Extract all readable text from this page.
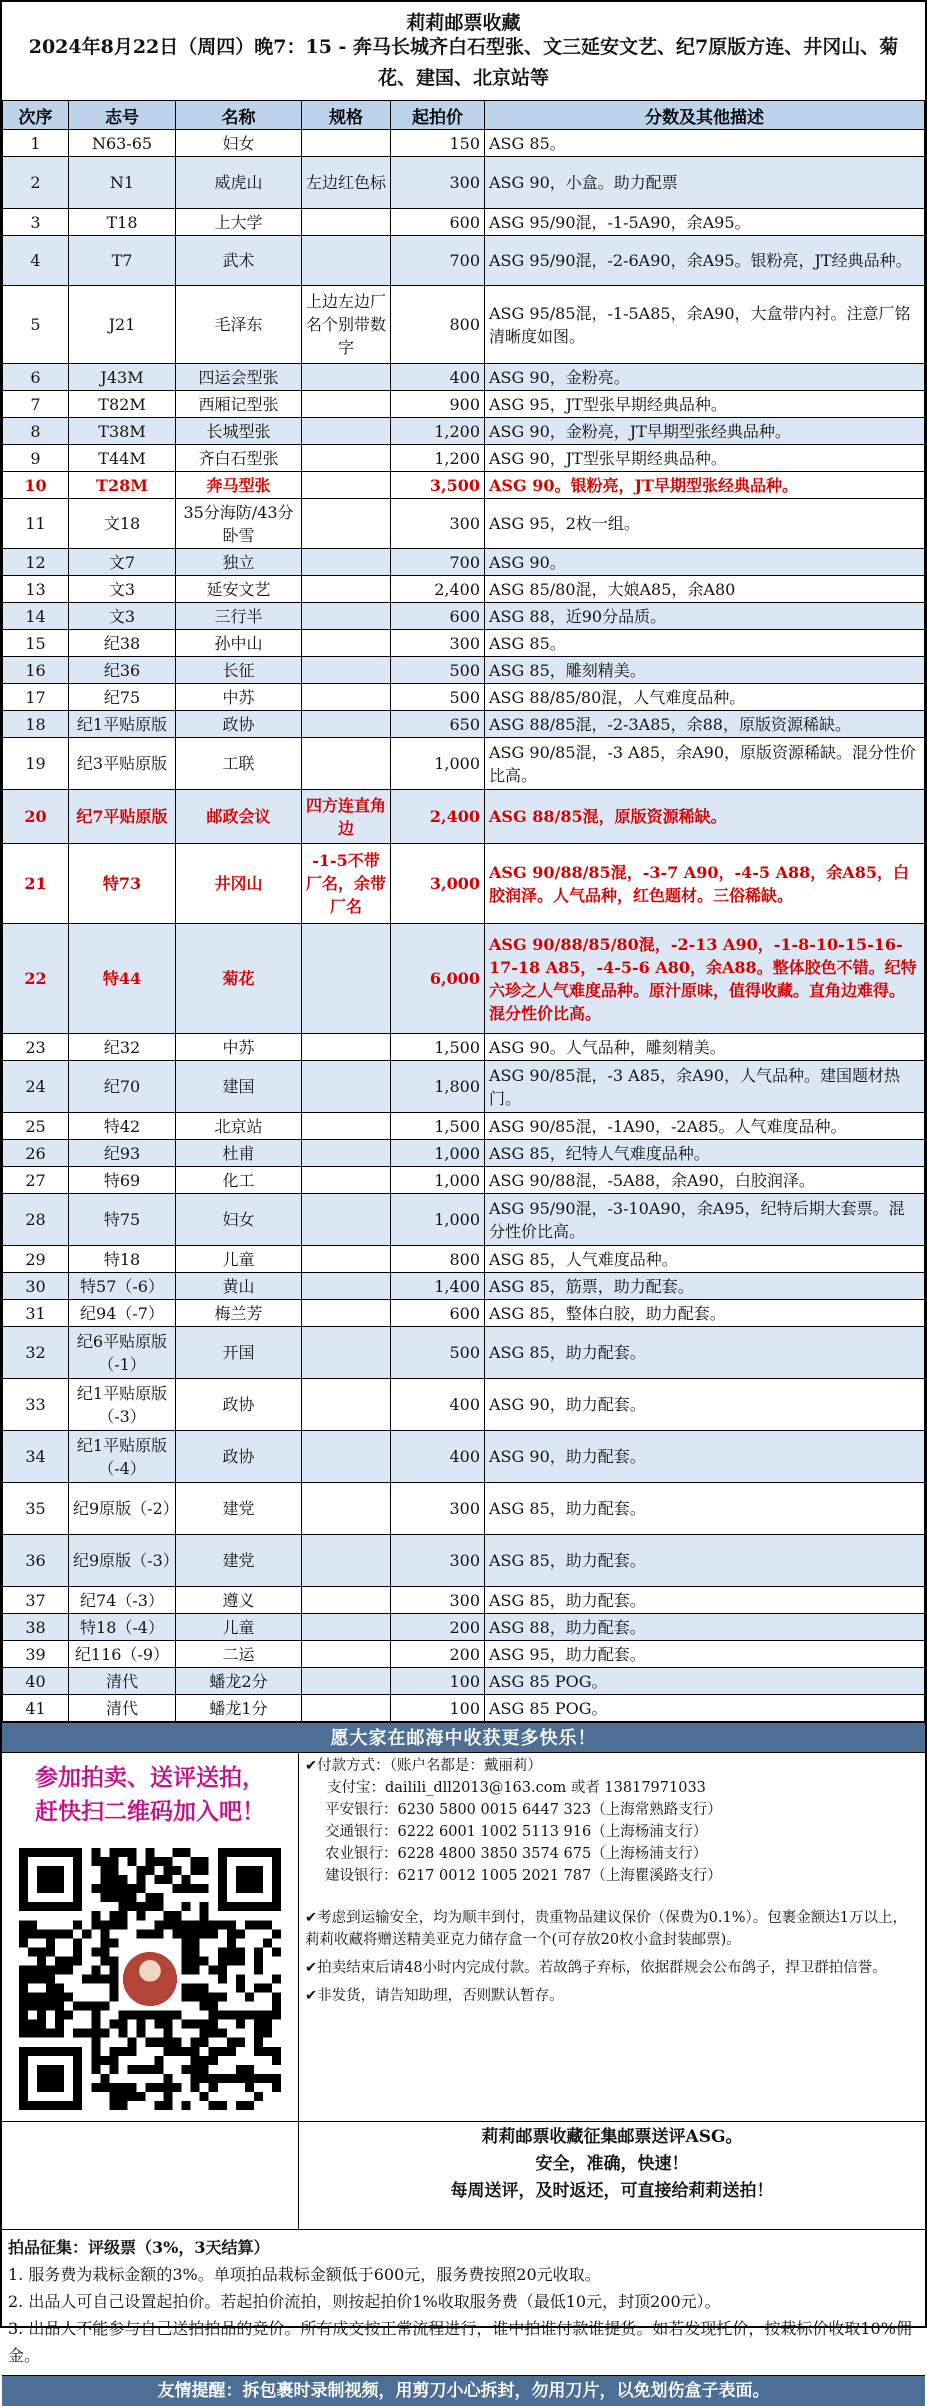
莉莉邮票收藏
2024年8月22日（周四）晚7：15 - 奔马长城齐白石型张、文三延安文艺、纪7原版方连、井冈山、菊花、建国、北京站等
次序	志号	名称	规格	起拍价	分数及其他描述
1	N63-65	妇女		150	ASG 85。
2	N1	威虎山	左边红色标	300	ASG 90，小盒。助力配票
3	T18	上大学		600	ASG 95/90混，-1-5A90，余A95。
4	T7	武术		700	ASG 95/90混，-2-6A90，余A95。银粉亮，JT经典品种。
5	J21	毛泽东	上边左边厂名个别带数字	800	ASG 95/85混，-1-5A85，余A90，大盒带内衬。注意厂铭清晰度如图。
6	J43M	四运会型张		400	ASG 90，金粉亮。
7	T82M	西厢记型张		900	ASG 95，JT型张早期经典品种。
8	T38M	长城型张		1,200	ASG 90，金粉亮，JT早期型张经典品种。
9	T44M	齐白石型张		1,200	ASG 90，JT型张早期经典品种。
10	T28M	奔马型张		3,500	ASG 90。银粉亮，JT早期型张经典品种。
11	文18	35分海防/43分卧雪		300	ASG 95，2枚一组。
12	文7	独立		700	ASG 90。
13	文3	延安文艺		2,400	ASG 85/80混，大娘A85，余A80
14	文3	三行半		600	ASG 88，近90分品质。
15	纪38	孙中山		300	ASG 85。
16	纪36	长征		500	ASG 85，雕刻精美。
17	纪75	中苏		500	ASG 88/85/80混，人气难度品种。
18	纪1平贴原版	政协		650	ASG 88/85混，-2-3A85，余88，原版资源稀缺。
19	纪3平贴原版	工联		1,000	ASG 90/85混，-3 A85，余A90，原版资源稀缺。混分性价比高。
20	纪7平贴原版	邮政会议	四方连直角边	2,400	ASG 88/85混，原版资源稀缺。
21	特73	井冈山	-1-5不带厂名，余带厂名	3,000	ASG 90/88/85混，-3-7 A90，-4-5 A88，余A85，白胶润泽。人气品种，红色题材。三俗稀缺。
22	特44	菊花		6,000	ASG 90/88/85/80混，-2-13 A90，-1-8-10-15-16-17-18 A85，-4-5-6 A80，余A88。整体胶色不错。纪特六珍之人气难度品种。原汁原味，值得收藏。直角边难得。混分性价比高。
23	纪32	中苏		1,500	ASG 90。人气品种，雕刻精美。
24	纪70	建国		1,800	ASG 90/85混，-3 A85，余A90，人气品种。建国题材热门。
25	特42	北京站		1,500	ASG 90/85混，-1A90，-2A85。人气难度品种。
26	纪93	杜甫		1,000	ASG 85，纪特人气难度品种。
27	特69	化工		1,000	ASG 90/88混，-5A88，余A90，白胶润泽。
28	特75	妇女		1,000	ASG 95/90混，-3-10A90，余A95，纪特后期大套票。混分性价比高。
29	特18	儿童		800	ASG 85，人气难度品种。
30	特57（-6）	黄山		1,400	ASG 85，筋票，助力配套。
31	纪94（-7）	梅兰芳		600	ASG 85，整体白胶，助力配套。
32	纪6平贴原版（-1）	开国		500	ASG 85，助力配套。
33	纪1平贴原版（-3）	政协		400	ASG 90，助力配套。
34	纪1平贴原版（-4）	政协		400	ASG 90，助力配套。
35	纪9原版（-2）	建党		300	ASG 85，助力配套。
36	纪9原版（-3）	建党		300	ASG 85，助力配套。
37	纪74（-3）	遵义		300	ASG 85，助力配套。
38	特18（-4）	儿童		200	ASG 88，助力配套。
39	纪116（-9）	二运		200	ASG 95，助力配套。
40	清代	蟠龙2分		100	ASG 85 POG。
41	清代	蟠龙1分		100	ASG 85 POG。
愿大家在邮海中收获更多快乐！
参加拍卖、送评送拍，
赶快扫二维码加入吧！
✔付款方式：（账户名都是：戴丽莉）
支付宝：dailili_dll2013@163.com 或者 13817971033
平安银行：6230 5800 0015 6447 323（上海常熟路支行）
交通银行：6222 6001 1002 5113 916（上海杨浦支行）
农业银行：6228 4800 3850 3574 675（上海杨浦支行）
建设银行：6217 0012 1005 2021 787（上海瞿溪路支行）
✔考虑到运输安全，均为顺丰到付，贵重物品建议保价（保费为0.1%）。包裹金额达1万以上，莉莉收藏将赠送精美亚克力储存盒一个(可存放20枚小盒封装邮票)。
✔拍卖结束后请48小时内完成付款。若故鸽子弃标，依据群规会公布鸽子，捍卫群拍信誉。
✔非发货，请告知助理，否则默认暂存。
莉莉邮票收藏征集邮票送评ASG。
安全，准确，快速！
每周送评，及时返还，可直接给莉莉送拍！
拍品征集：评级票（3%，3天结算）
1. 服务费为栽标金额的3%。单项拍品栽标金额低于600元，服务费按照20元收取。
2. 出品人可自己设置起拍价。若起拍价流拍，则按起拍价1%收取服务费（最低10元，封顶200元）。
3. 出品人不能参与自己送拍拍品的竞价。所有成交按正常流程进行，谁中拍谁付款谁提货。如若发现托价，按栽标价收取10%佣金。
友情提醒：拆包裹时录制视频，用剪刀小心拆封，勿用刀片，以免划伤盒子表面。
